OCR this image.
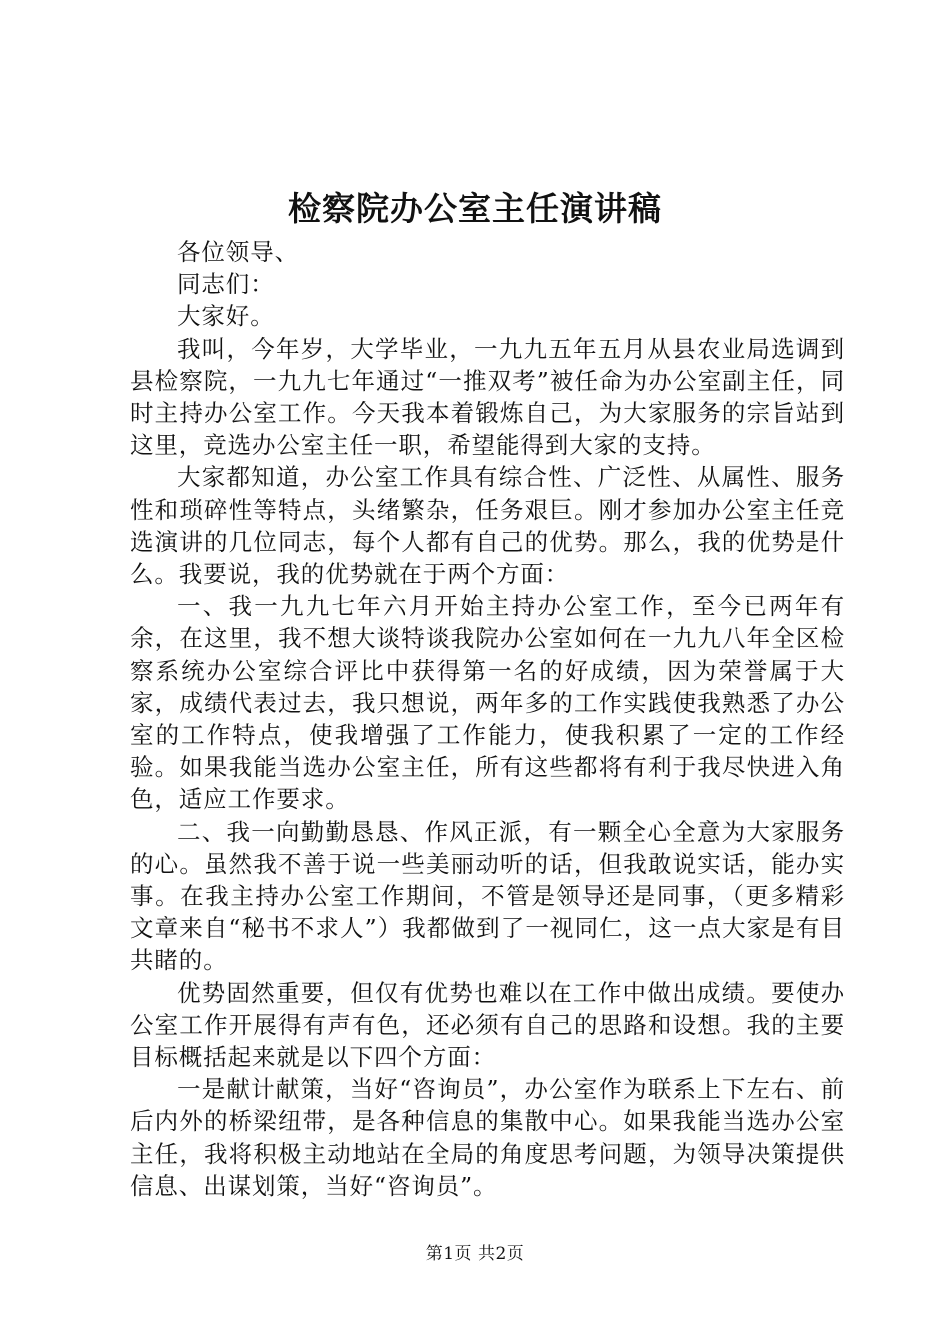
检察院办公室主任演讲稿

各位领导、

同志们：

大家好。

我叫，今年岁，大学毕业，一九九五年五月从县农业局选调到县检察院，一九九七年通过“一推双考”被任命为办公室副主任，同时主持办公室工作。今天我本着锻炼自己，为大家服务的宗旨站到这里，竞选办公室主任一职，希望能得到大家的支持。

大家都知道，办公室工作具有综合性、广泛性、从属性、服务性和琐碎性等特点，头绪繁杂，任务艰巨。刚才参加办公室主任竞选演讲的几位同志，每个人都有自己的优势。那么，我的优势是什么。我要说，我的优势就在于两个方面：

一、我一九九七年六月开始主持办公室工作，至今已两年有余，在这里，我不想大谈特谈我院办公室如何在一九九八年全区检察系统办公室综合评比中获得第一名的好成绩，因为荣誉属于大家，成绩代表过去，我只想说，两年多的工作实践使我熟悉了办公室的工作特点，使我增强了工作能力，使我积累了一定的工作经验。如果我能当选办公室主任，所有这些都将有利于我尽快进入角色，适应工作要求。

二、我一向勤勤恳恳、作风正派，有一颗全心全意为大家服务的心。虽然我不善于说一些美丽动听的话，但我敢说实话，能办实事。在我主持办公室工作期间，不管是领导还是同事，（更多精彩文章来自“秘书不求人”）我都做到了一视同仁，这一点大家是有目共睹的。

优势固然重要，但仅有优势也难以在工作中做出成绩。要使办公室工作开展得有声有色，还必须有自己的思路和设想。我的主要目标概括起来就是以下四个方面：

一是献计献策，当好“咨询员”，办公室作为联系上下左右、前后内外的桥梁纽带，是各种信息的集散中心。如果我能当选办公室主任，我将积极主动地站在全局的角度思考问题，为领导决策提供信息、出谋划策，当好“咨询员”。

第1页 共2页
